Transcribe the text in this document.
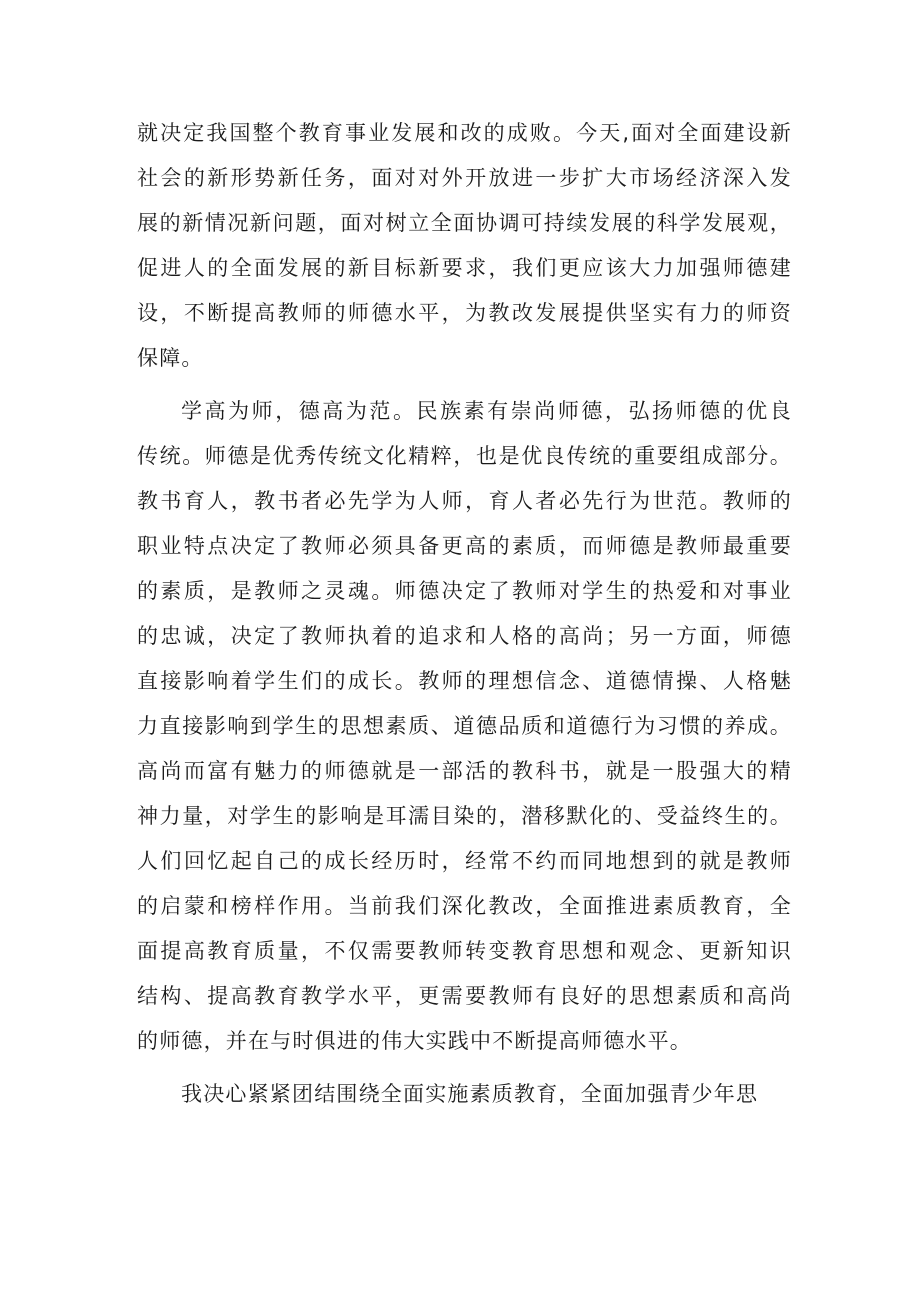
就决定我国整个教育事业发展和改的成败。今天,面对全面建设新
社会的新形势新任务，面对对外开放进一步扩大市场经济深入发
展的新情况新问题，面对树立全面协调可持续发展的科学发展观，
促进人的全面发展的新目标新要求，我们更应该大力加强师德建
设，不断提高教师的师德水平，为教改发展提供坚实有力的师资
保障。
学高为师，德高为范。民族素有崇尚师德，弘扬师德的优良
传统。师德是优秀传统文化精粹，也是优良传统的重要组成部分。
教书育人，教书者必先学为人师，育人者必先行为世范。教师的
职业特点决定了教师必须具备更高的素质，而师德是教师最重要
的素质，是教师之灵魂。师德决定了教师对学生的热爱和对事业
的忠诚，决定了教师执着的追求和人格的高尚；另一方面，师德
直接影响着学生们的成长。教师的理想信念、道德情操、人格魅
力直接影响到学生的思想素质、道德品质和道德行为习惯的养成。
高尚而富有魅力的师德就是一部活的教科书，就是一股强大的精
神力量，对学生的影响是耳濡目染的，潜移默化的、受益终生的。
人们回忆起自己的成长经历时，经常不约而同地想到的就是教师
的启蒙和榜样作用。当前我们深化教改，全面推进素质教育，全
面提高教育质量，不仅需要教师转变教育思想和观念、更新知识
结构、提高教育教学水平，更需要教师有良好的思想素质和高尚
的师德，并在与时俱进的伟大实践中不断提高师德水平。
我决心紧紧团结围绕全面实施素质教育，全面加强青少年思
